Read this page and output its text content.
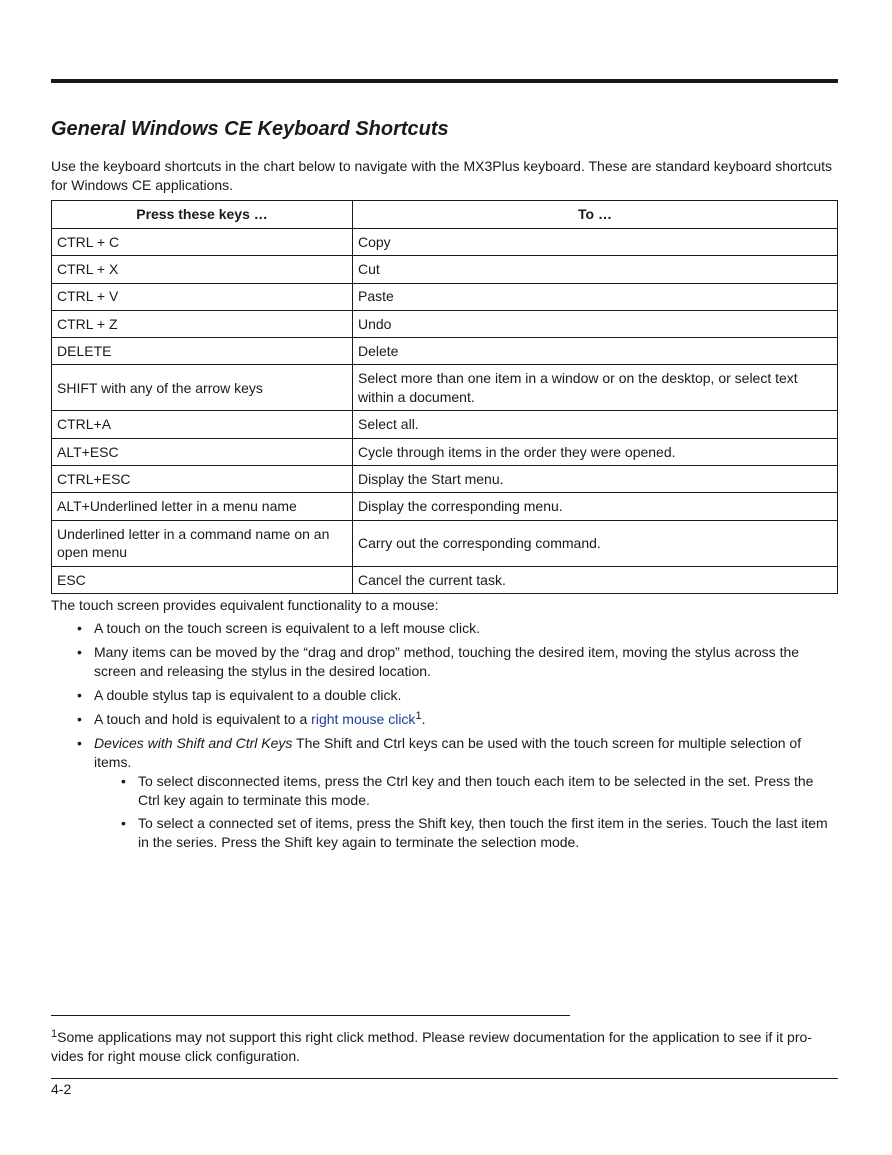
General Windows CE Keyboard Shortcuts

Use the keyboard shortcuts in the chart below to navigate with the MX3Plus keyboard. These are standard keyboard shortcuts for Windows CE applications.

Press these keys …	To …
CTRL + C	Copy
CTRL + X	Cut
CTRL + V	Paste
CTRL + Z	Undo
DELETE	Delete
SHIFT with any of the arrow keys	Select more than one item in a window or on the desktop, or select text within a document.
CTRL+A	Select all.
ALT+ESC	Cycle through items in the order they were opened.
CTRL+ESC	Display the Start menu.
ALT+Underlined letter in a menu name	Display the corresponding menu.
Underlined letter in a command name on an open menu	Carry out the corresponding command.
ESC	Cancel the current task.

The touch screen provides equivalent functionality to a mouse:

• A touch on the touch screen is equivalent to a left mouse click.
• Many items can be moved by the “drag and drop” method, touching the desired item, moving the stylus across the screen and releasing the stylus in the desired location.
• A double stylus tap is equivalent to a double click.
• A touch and hold is equivalent to a right mouse click$^1$.
• Devices with Shift and Ctrl Keys The Shift and Ctrl keys can be used with the touch screen for multiple selection of items.
• To select disconnected items, press the Ctrl key and then touch each item to be selected in the set. Press the Ctrl key again to terminate this mode.
• To select a connected set of items, press the Shift key, then touch the first item in the series. Touch the last item in the series. Press the Shift key again to terminate the selection mode.

$^1$Some applications may not support this right click method. Please review documentation for the application to see if it pro-vides for right mouse click configuration.

4-2
